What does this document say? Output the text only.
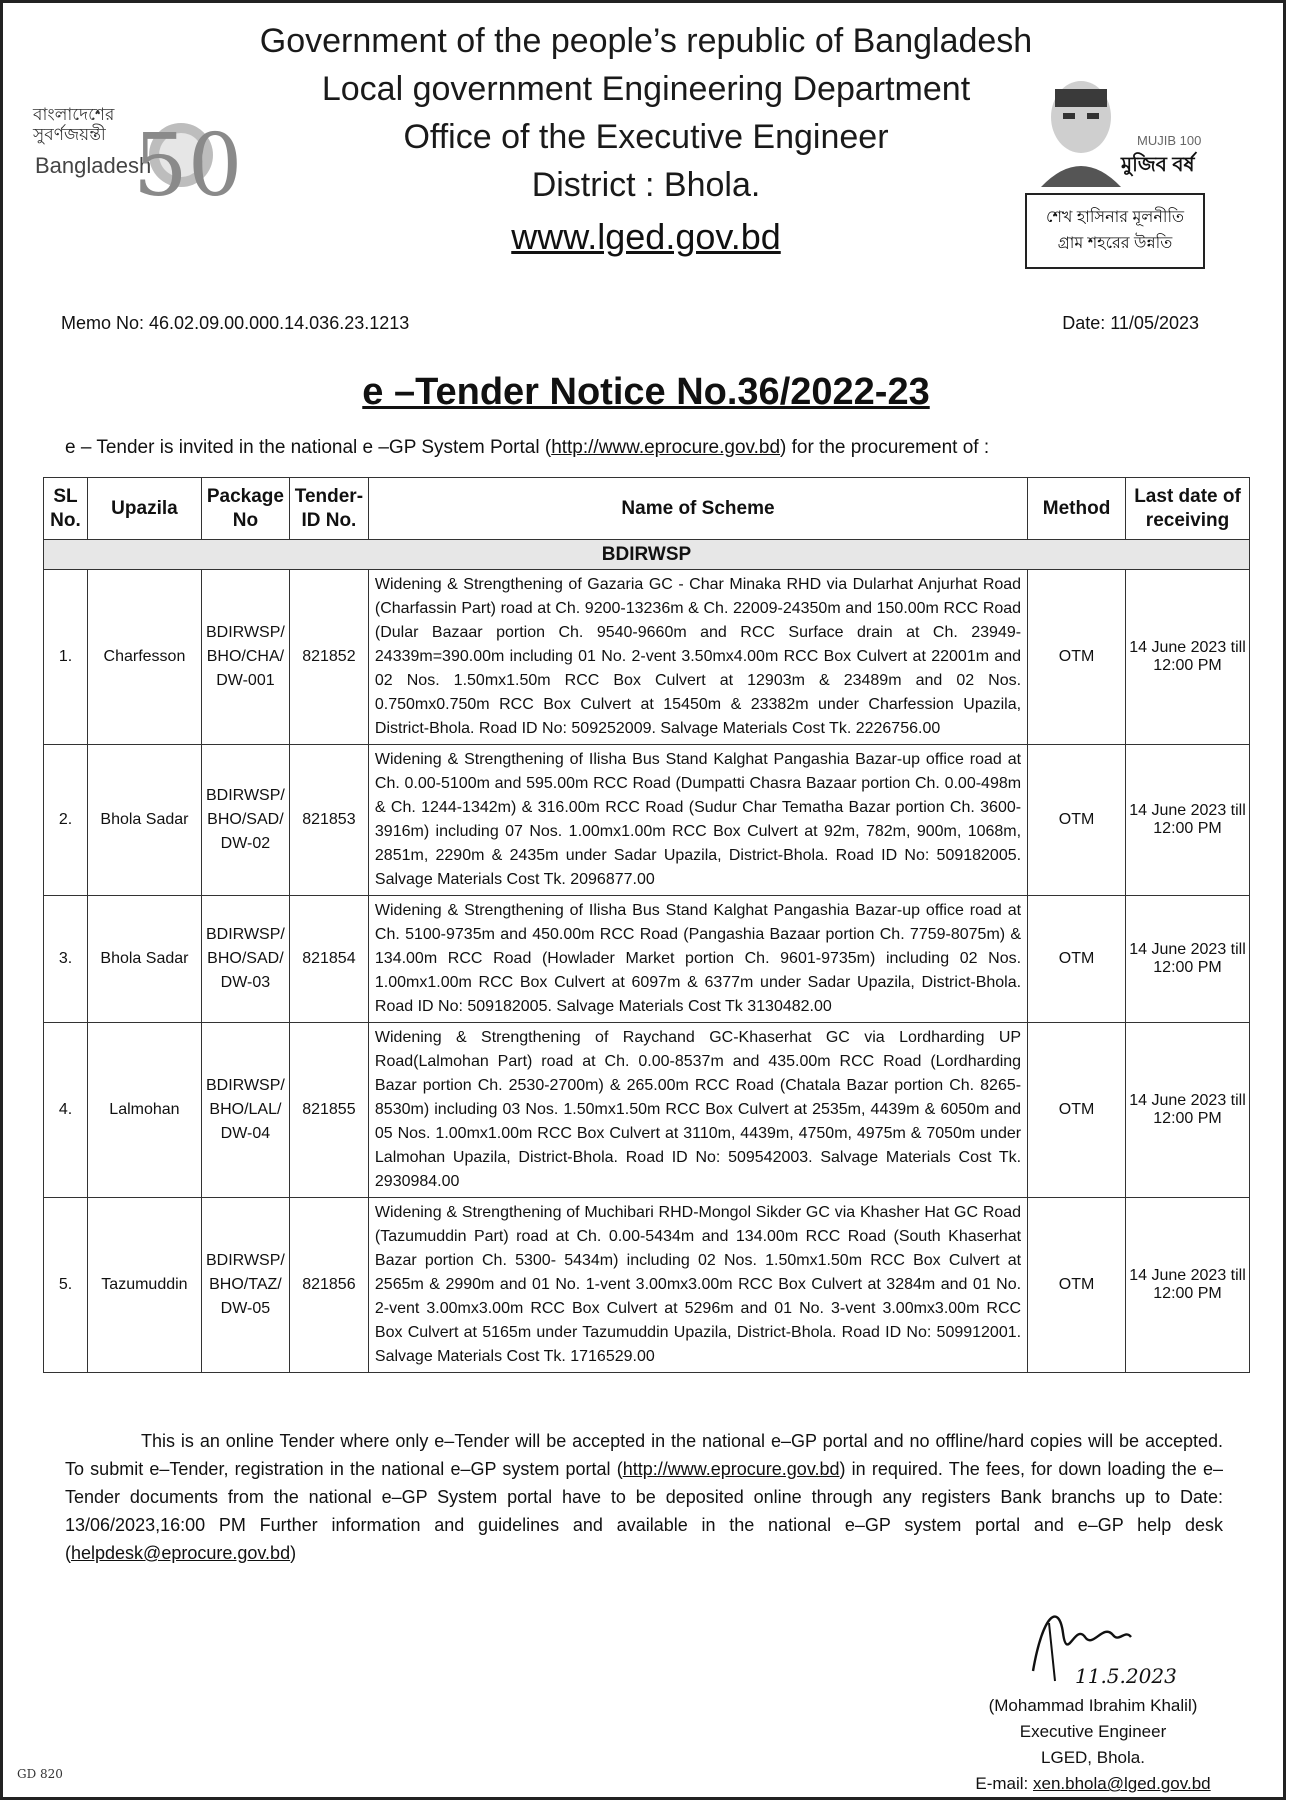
বাংলাদেশের সুবর্ণজয়ন্তী
Bangladesh
50	মুজিব বর্ষ
MUJIB 100
শেখ হাসিনার মূলনীতি
গ্রাম শহরের উন্নতি
Government of the people’s republic of Bangladesh
Local government Engineering Department
Office of the Executive Engineer
District : Bhola.
www.lged.gov.bd
Memo No: 46.02.09.00.000.14.036.23.1213	Date: 11/05/2023
e –Tender Notice No.36/2022-23
e – Tender is invited in the national e –GP System Portal (http://www.eprocure.gov.bd) for the procurement of :
SL No.	Upazila	Package No	Tender-ID No.	Name of Scheme	Method	Last date of receiving
BDIRWSP						
1.	Charfesson	BDIRWSP/ BHO/CHA/ DW-001	821852	Widening & Strengthening of Gazaria GC - Char Minaka RHD via Dularhat Anjurhat Road (Charfassin Part) road at Ch. 9200-13236m & Ch. 22009-24350m and 150.00m RCC Road (Dular Bazaar portion Ch. 9540-9660m and RCC Surface drain at Ch. 23949-24339m=390.00m including 01 No. 2-vent 3.50mx4.00m RCC Box Culvert at 22001m and 02 Nos. 1.50mx1.50m RCC Box Culvert at 12903m & 23489m and 02 Nos. 0.750mx0.750m RCC Box Culvert at 15450m & 23382m under Charfession Upazila, District-Bhola. Road ID No: 509252009. Salvage Materials Cost Tk. 2226756.00	OTM	14 June 2023 till 12:00 PM
2.	Bhola Sadar	BDIRWSP/ BHO/SAD/ DW-02	821853	Widening & Strengthening of Ilisha Bus Stand Kalghat Pangashia Bazar-up office road at Ch. 0.00-5100m and 595.00m RCC Road (Dumpatti Chasra Bazaar portion Ch. 0.00-498m & Ch. 1244-1342m) & 316.00m RCC Road (Sudur Char Tematha Bazar portion Ch. 3600-3916m) including 07 Nos. 1.00mx1.00m RCC Box Culvert at 92m, 782m, 900m, 1068m, 2851m, 2290m & 2435m under Sadar Upazila, District-Bhola. Road ID No: 509182005. Salvage Materials Cost Tk. 2096877.00	OTM	14 June 2023 till 12:00 PM
3.	Bhola Sadar	BDIRWSP/ BHO/SAD/ DW-03	821854	Widening & Strengthening of Ilisha Bus Stand Kalghat Pangashia Bazar-up office road at Ch. 5100-9735m and 450.00m RCC Road (Pangashia Bazaar portion Ch. 7759-8075m) & 134.00m RCC Road (Howlader Market portion Ch. 9601-9735m) including 02 Nos. 1.00mx1.00m RCC Box Culvert at 6097m & 6377m under Sadar Upazila, District-Bhola. Road ID No: 509182005. Salvage Materials Cost Tk 3130482.00	OTM	14 June 2023 till 12:00 PM
4.	Lalmohan	BDIRWSP/ BHO/LAL/ DW-04	821855	Widening & Strengthening of Raychand GC-Khaserhat GC via Lordharding UP Road(Lalmohan Part) road at Ch. 0.00-8537m and 435.00m RCC Road (Lordharding Bazar portion Ch. 2530-2700m) & 265.00m RCC Road (Chatala Bazar portion Ch. 8265-8530m) including 03 Nos. 1.50mx1.50m RCC Box Culvert at 2535m, 4439m & 6050m and 05 Nos. 1.00mx1.00m RCC Box Culvert at 3110m, 4439m, 4750m, 4975m & 7050m under Lalmohan Upazila, District-Bhola. Road ID No: 509542003. Salvage Materials Cost Tk. 2930984.00	OTM	14 June 2023 till 12:00 PM
5.	Tazumuddin	BDIRWSP/ BHO/TAZ/ DW-05	821856	Widening & Strengthening of Muchibari RHD-Mongol Sikder GC via Khasher Hat GC Road (Tazumuddin Part) road at Ch. 0.00-5434m and 134.00m RCC Road (South Khaserhat Bazar portion Ch. 5300- 5434m) including 02 Nos. 1.50mx1.50m RCC Box Culvert at 2565m & 2990m and 01 No. 1-vent 3.00mx3.00m RCC Box Culvert at 3284m and 01 No. 2-vent 3.00mx3.00m RCC Box Culvert at 5296m and 01 No. 3-vent 3.00mx3.00m RCC Box Culvert at 5165m under Tazumuddin Upazila, District-Bhola. Road ID No: 509912001. Salvage Materials Cost Tk. 1716529.00	OTM	14 June 2023 till 12:00 PM
This is an online Tender where only e–Tender will be accepted in the national e–GP portal and no offline/hard copies will be accepted. To submit e–Tender, registration in the national e–GP system portal (http://www.eprocure.gov.bd) in required. The fees, for down loading the e–Tender documents from the national e–GP System portal have to be deposited online through any registers Bank branchs up to Date: 13/06/2023,16:00 PM Further information and guidelines and available in the national e–GP system portal and e–GP help desk (helpdesk@eprocure.gov.bd)
11.5.2023
(Mohammad Ibrahim Khalil)
Executive Engineer
LGED, Bhola.
E-mail: xen.bhola@lged.gov.bd
GD 820
